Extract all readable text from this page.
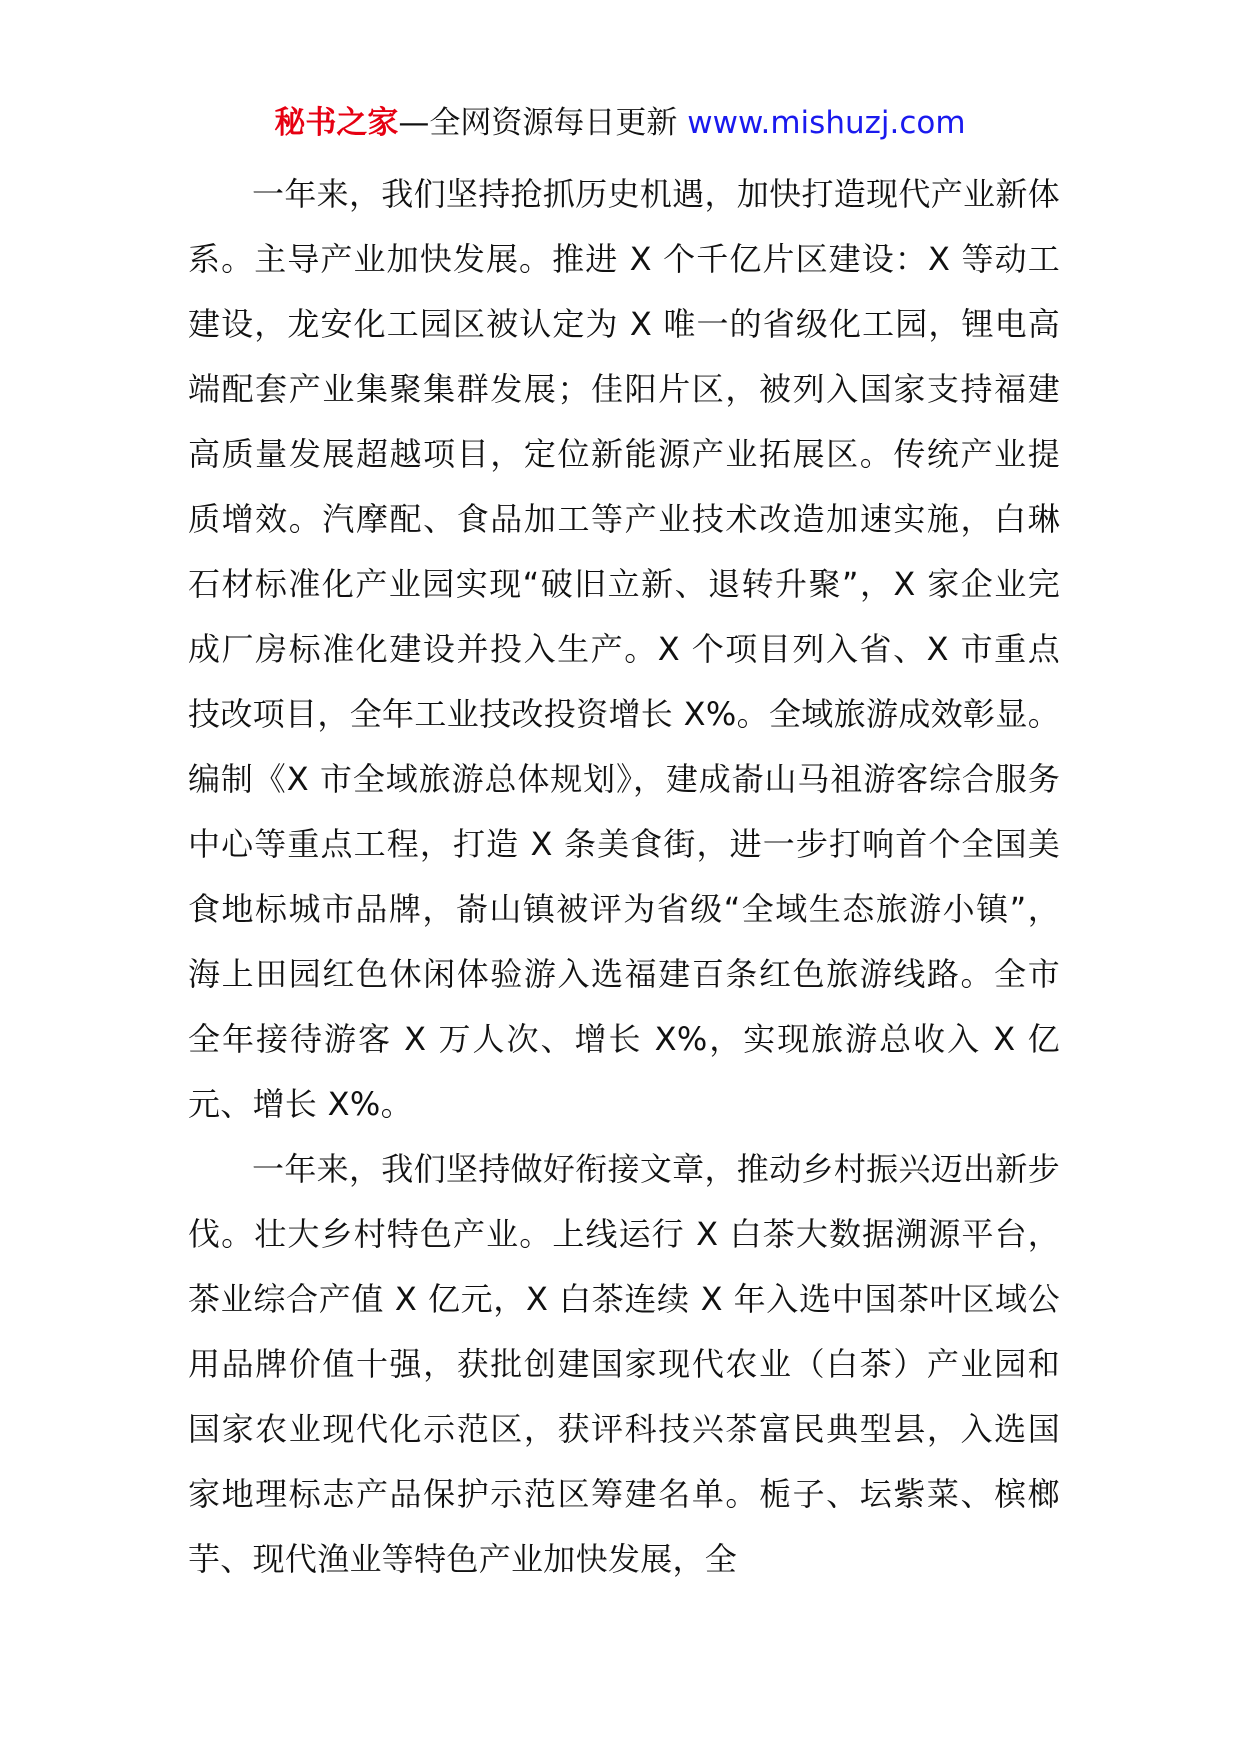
秘书之家—全网资源每日更新 www.mishuzj.com

一年来，我们坚持抢抓历史机遇，加快打造现代产业新体系。主导产业加快发展。推进 X 个千亿片区建设：X 等动工建设，龙安化工园区被认定为 X 唯一的省级化工园，锂电高端配套产业集聚集群发展；佳阳片区，被列入国家支持福建高质量发展超越项目，定位新能源产业拓展区。传统产业提质增效。汽摩配、食品加工等产业技术改造加速实施，白琳石材标准化产业园实现“破旧立新、退转升聚”，X 家企业完成厂房标准化建设并投入生产。X 个项目列入省、X 市重点技改项目，全年工业技改投资增长 X%。全域旅游成效彰显。编制《X 市全域旅游总体规划》，建成嵛山马祖游客综合服务中心等重点工程，打造 X 条美食街，进一步打响首个全国美食地标城市品牌，嵛山镇被评为省级“全域生态旅游小镇”，海上田园红色休闲体验游入选福建百条红色旅游线路。全市全年接待游客 X 万人次、增长 X%，实现旅游总收入 X 亿元、增长 X%。

一年来，我们坚持做好衔接文章，推动乡村振兴迈出新步伐。壮大乡村特色产业。上线运行 X 白茶大数据溯源平台，茶业综合产值 X 亿元，X 白茶连续 X 年入选中国茶叶区域公用品牌价值十强，获批创建国家现代农业（白茶）产业园和国家农业现代化示范区，获评科技兴茶富民典型县，入选国家地理标志产品保护示范区筹建名单。栀子、坛紫菜、槟榔芋、现代渔业等特色产业加快发展，全
